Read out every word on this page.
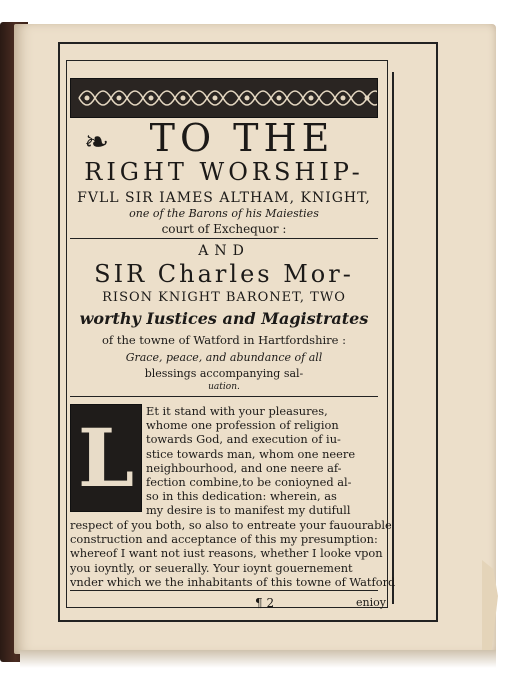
❧	TO THE
RIGHT WORSHIP-
FVLL SIR IAMES ALTHAM, KNIGHT,
one of the Barons of his Maiesties
court of Exchequor :
AND
SIR Charles Mor-
RISON KNIGHT BARONET, TWO
worthy Iustices and Magistrates
of the towne of Watford in Hartfordshire :
Grace, peace, and abundance of all
blessings accompanying sal-
uation.
L	Et it stand with your pleasures,
whome one profession of religion
towards God, and execution of iu-
stice towards man, whom one neere
neighbourhood, and one neere af-
fection combine,to be conioyned al-
so in this dedication: wherein, as
my desire is to manifest my dutifull
respect of you both, so also to entreate your fauourable
construction and acceptance of this my presumption:
whereof I want not iust reasons, whether I looke vpon
you ioyntly, or seuerally. Your ioynt gouernement
vnder which we the inhabitants of this towne of Watford
¶ 2	enioy
